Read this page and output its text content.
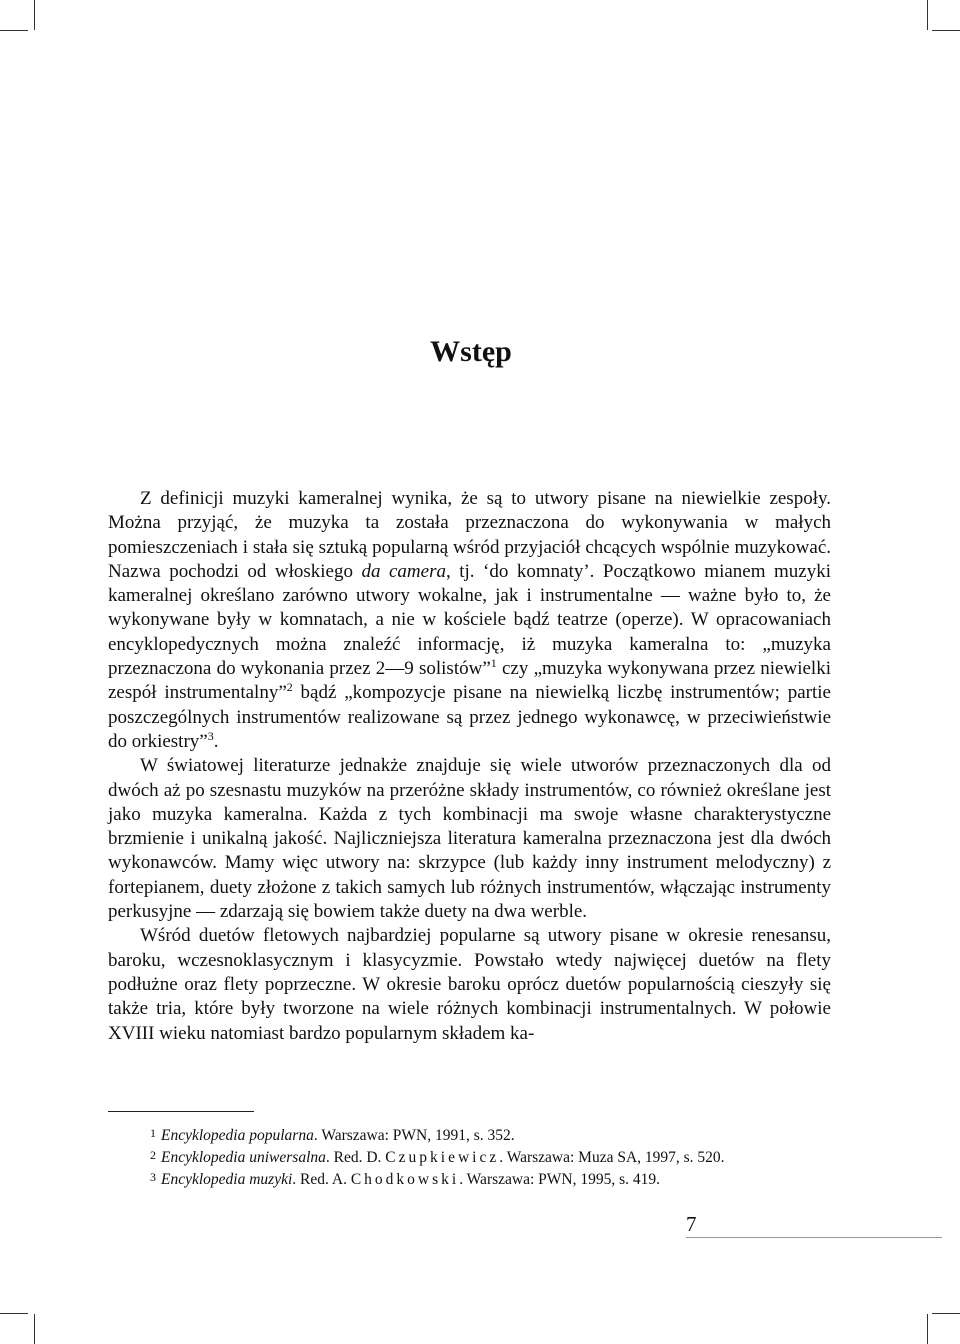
Wstęp

Z definicji muzyki kameralnej wynika, że są to utwory pisane na niewielkie zespoły. Można przyjąć, że muzyka ta została przeznaczona do wykonywania w małych pomieszczeniach i stała się sztuką popularną wśród przyjaciół chcących wspólnie muzykować. Nazwa pochodzi od włoskiego da camera, tj. ‘do komnaty’. Początkowo mianem muzyki kameralnej określano zarówno utwory wokalne, jak i instrumentalne — ważne było to, że wykonywane były w komnatach, a nie w kościele bądź teatrze (operze). W opracowaniach encyklopedycznych można znaleźć informację, iż muzyka kameralna to: „muzyka przeznaczona do wykonania przez 2—9 solistów”$^1$ czy „muzyka wykonywana przez niewielki zespół instrumentalny”$^2$ bądź „kompozycje pisane na niewielką liczbę instrumentów; partie poszczególnych instrumentów realizowane są przez jednego wykonawcę, w przeciwieństwie do orkiestry”$^3$.

W światowej literaturze jednakże znajduje się wiele utworów przeznaczonych dla od dwóch aż po szesnastu muzyków na przeróżne składy instrumentów, co również określane jest jako muzyka kameralna. Każda z tych kombinacji ma swoje własne charakterystyczne brzmienie i unikalną jakość. Najliczniejsza literatura kameralna przeznaczona jest dla dwóch wykonawców. Mamy więc utwory na: skrzypce (lub każdy inny instrument melodyczny) z fortepianem, duety złożone z takich samych lub różnych instrumentów, włączając instrumenty perkusyjne — zdarzają się bowiem także duety na dwa werble.

Wśród duetów fletowych najbardziej popularne są utwory pisane w okresie renesansu, baroku, wczesnoklasycznym i klasycyzmie. Powstało wtedy najwięcej duetów na flety podłużne oraz flety poprzeczne. W okresie baroku oprócz duetów popularnością cieszyły się także tria, które były tworzone na wiele różnych kombinacji instrumentalnych. W połowie XVIII wieku natomiast bardzo popularnym składem ka-

1 Encyklopedia popularna. Warszawa: PWN, 1991, s. 352.
2 Encyklopedia uniwersalna. Red. D. Czupkiewicz. Warszawa: Muza SA, 1997, s. 520.
3 Encyklopedia muzyki. Red. A. Chodkowski. Warszawa: PWN, 1995, s. 419.
7
